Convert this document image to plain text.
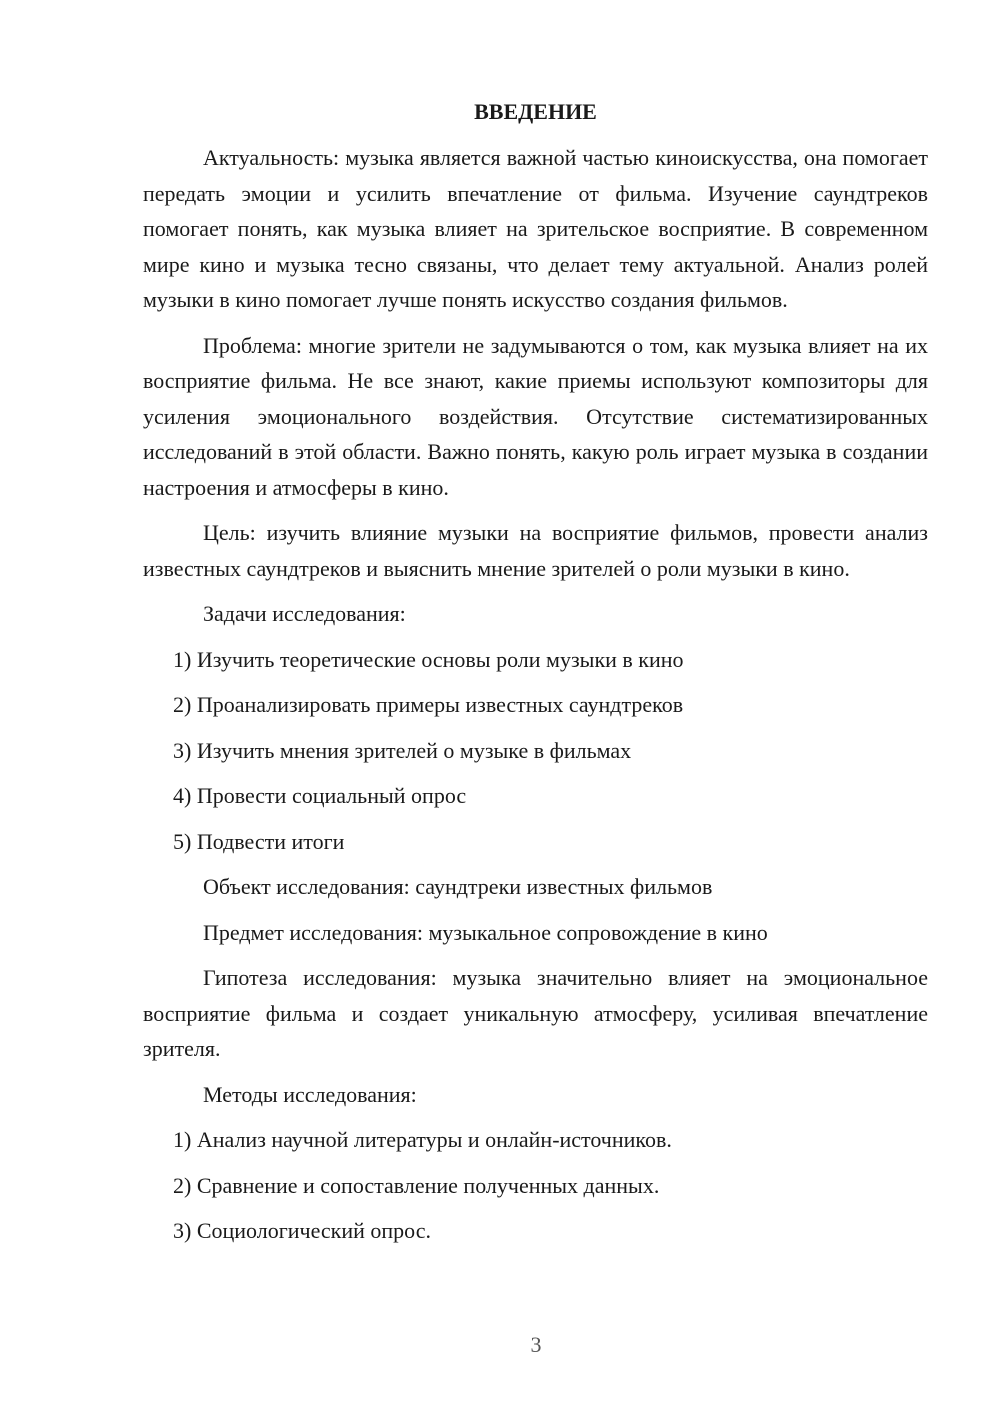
ВВЕДЕНИЕ

Актуальность: музыка является важной частью киноискусства, она помогает передать эмоции и усилить впечатление от фильма. Изучение саундтреков помогает понять, как музыка влияет на зрительское восприятие. В современном мире кино и музыка тесно связаны, что делает тему актуальной. Анализ ролей музыки в кино помогает лучше понять искусство создания фильмов.

Проблема: многие зрители не задумываются о том, как музыка влияет на их восприятие фильма. Не все знают, какие приемы используют композиторы для усиления эмоционального воздействия. Отсутствие систематизированных исследований в этой области. Важно понять, какую роль играет музыка в создании настроения и атмосферы в кино.

Цель: изучить влияние музыки на восприятие фильмов, провести анализ известных саундтреков и выяснить мнение зрителей о роли музыки в кино.

Задачи исследования:

1) Изучить теоретические основы роли музыки в кино

2) Проанализировать примеры известных саундтреков

3) Изучить мнения зрителей о музыке в фильмах

4) Провести социальный опрос

5) Подвести итоги

Объект исследования: саундтреки известных фильмов

Предмет исследования: музыкальное сопровождение в кино

Гипотеза исследования: музыка значительно влияет на эмоциональное восприятие фильма и создает уникальную атмосферу, усиливая впечатление зрителя.

Методы исследования:

1) Анализ научной литературы и онлайн-источников.

2) Сравнение и сопоставление полученных данных.

3) Социологический опрос.

3
